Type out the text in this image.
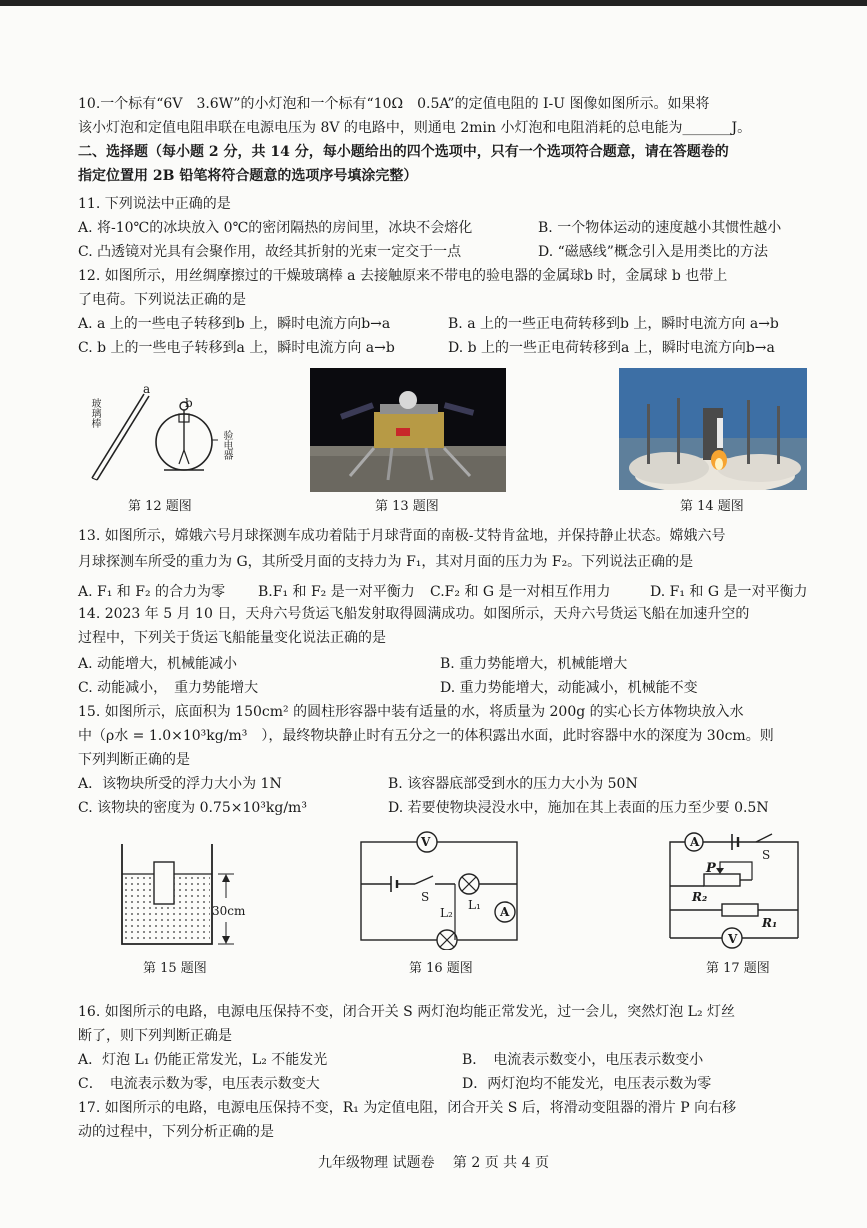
10.一个标有“6V　3.6W”的小灯泡和一个标有“10Ω　0.5A”的定值电阻的 I-U 图像如图所示。如果将
该小灯泡和定值电阻串联在电源电压为 8V 的电路中，则通电 2min 小灯泡和电阻消耗的总电能为_______J。
二、选择题（每小题 2 分，共 14 分，每小题给出的四个选项中，只有一个选项符合题意，请在答题卷的
指定位置用 2B 铅笔将符合题意的选项序号填涂完整）
11. 下列说法中正确的是
A. 将-10℃的冰块放入 0℃的密闭隔热的房间里，冰块不会熔化	B. 一个物体运动的速度越小其惯性越小
C. 凸透镜对光具有会聚作用，故经其折射的光束一定交于一点	D. “磁感线”概念引入是用类比的方法
12. 如图所示，用丝绸摩擦过的干燥玻璃棒 a 去接触原来不带电的验电器的金属球b 时，金属球 b 也带上
了电荷。下列说法正确的是
A. a 上的一些电子转移到b 上，瞬时电流方向b→a	B. a 上的一些正电荷转移到b 上，瞬时电流方向 a→b
C. b 上的一些电子转移到a 上，瞬时电流方向 a→b	D. b 上的一些正电荷转移到a 上，瞬时电流方向b→a
a
b
玻璃棒
验电器
第 12 题图	第 13 题图	第 14 题图
13. 如图所示，嫦娥六号月球探测车成功着陆于月球背面的南极-艾特肯盆地，并保持静止状态。嫦娥六号
月球探测车所受的重力为 G，其所受月面的支持力为 F₁，其对月面的压力为 F₂。下列说法正确的是
A. F₁ 和 F₂ 的合力为零 B.F₁ 和 F₂ 是一对平衡力 C.F₂ 和 G 是一对相互作用力	D. F₁ 和 G 是一对平衡力
14. 2023 年 5 月 10 日，天舟六号货运飞船发射取得圆满成功。如图所示，天舟六号货运飞船在加速升空的
过程中，下列关于货运飞船能量变化说法正确的是
A. 动能增大，机械能减小	B. 重力势能增大，机械能增大
C. 动能减小，　重力势能增大	D. 重力势能增大，动能减小，机械能不变
15. 如图所示，底面积为 150cm² 的圆柱形容器中装有适量的水，将质量为 200g 的实心长方体物块放入水
中（ρ水 = 1.0×10³kg/m³　），最终物块静止时有五分之一的体积露出水面，此时容器中水的深度为 30cm。则
下列判断正确的是
A．该物块所受的浮力大小为 1N	B. 该容器底部受到水的压力大小为 50N
C. 该物块的密度为 0.75×10³kg/m³	D. 若要使物块浸没水中，施加在其上表面的压力至少要 0.5N
30cm
第 15 题图
V
S
L₁
L₂	A
第 16 题图
A
S
P
R₂
R₁
V
第 17 题图
16. 如图所示的电路，电源电压保持不变，闭合开关 S 两灯泡均能正常发光，过一会儿，突然灯泡 L₂ 灯丝
断了，则下列判断正确是
A．灯泡 L₁ 仍能正常发光，L₂ 不能发光	B．　电流表示数变小，电压表示数变小
C．　电流表示数为零，电压表示数变大	D．两灯泡均不能发光，电压表示数为零
17. 如图所示的电路，电源电压保持不变，R₁ 为定值电阻，闭合开关 S 后，将滑动变阻器的滑片 P 向右移
动的过程中，下列分析正确的是
九年级物理 试题卷　 第 2 页 共 4 页
